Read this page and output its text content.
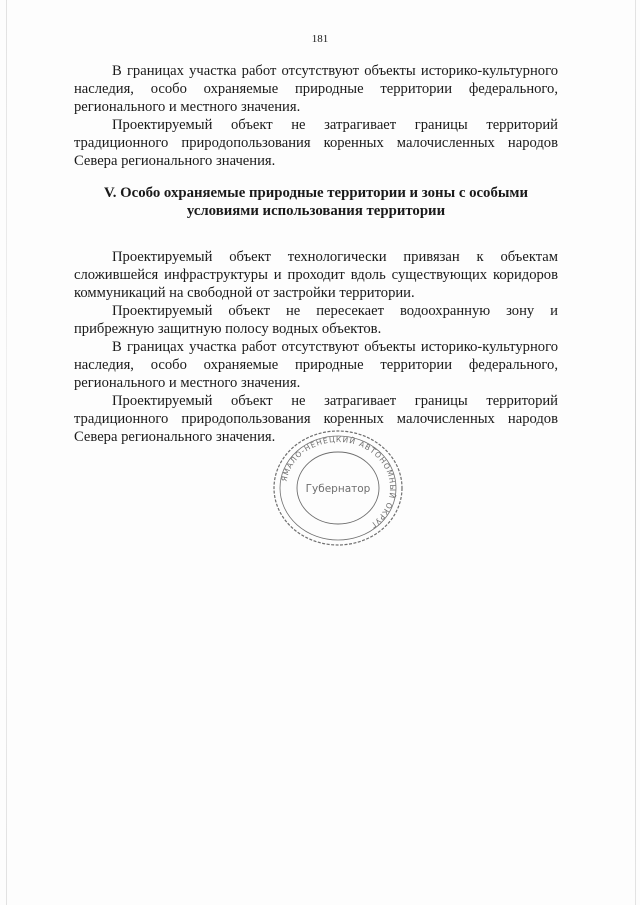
181

В границах участка работ отсутствуют объекты историко-культурного наследия, особо охраняемые природные территории федерального, регионального и местного значения.

Проектируемый объект не затрагивает границы территорий традиционного природопользования коренных малочисленных народов Севера регионального значения.

V. Особо охраняемые природные территории и зоны с особыми условиями использования территории

Проектируемый объект технологически привязан к объектам сложившейся инфраструктуры и проходит вдоль существующих коридоров коммуникаций на свободной от застройки территории.

Проектируемый объект не пересекает водоохранную зону и прибрежную защитную полосу водных объектов.

В границах участка работ отсутствуют объекты историко-культурного наследия, особо охраняемые природные территории федерального, регионального и местного значения.

Проектируемый объект не затрагивает границы территорий традиционного природопользования коренных малочисленных народов Севера регионального значения.

ЯМАЛО-НЕНЕЦКИЙ АВТОНОМНЫЙ ОКРУГ
Губернатор
